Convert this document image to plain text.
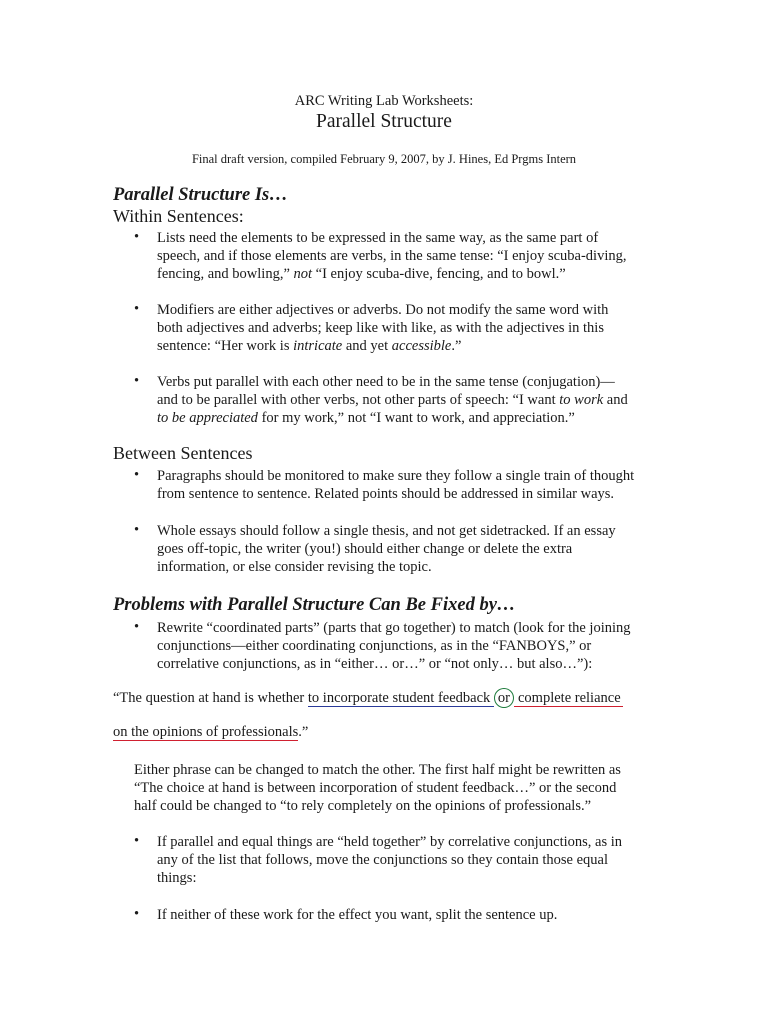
ARC Writing Lab Worksheets:
Parallel Structure
Final draft version, compiled February 9, 2007, by J. Hines, Ed Prgms Intern
Parallel Structure Is…
Within Sentences:
• Lists need the elements to be expressed in the same way, as the same part of
speech, and if those elements are verbs, in the same tense: “I enjoy scuba-diving,
fencing, and bowling,” not “I enjoy scuba-dive, fencing, and to bowl.”
• Modifiers are either adjectives or adverbs. Do not modify the same word with
both adjectives and adverbs; keep like with like, as with the adjectives in this
sentence: “Her work is intricate and yet accessible.”
• Verbs put parallel with each other need to be in the same tense (conjugation)—
and to be parallel with other verbs, not other parts of speech: “I want to work and
to be appreciated for my work,” not “I want to work, and appreciation.”
Between Sentences
• Paragraphs should be monitored to make sure they follow a single train of thought
from sentence to sentence. Related points should be addressed in similar ways.
• Whole essays should follow a single thesis, and not get sidetracked. If an essay
goes off-topic, the writer (you!) should either change or delete the extra
information, or else consider revising the topic.
Problems with Parallel Structure Can Be Fixed by…
• Rewrite “coordinated parts” (parts that go together) to match (look for the joining
conjunctions—either coordinating conjunctions, as in the “FANBOYS,” or
correlative conjunctions, as in “either… or…” or “not only… but also…”):
“The question at hand is whether to incorporate student feedback or complete reliance
on the opinions of professionals.”
Either phrase can be changed to match the other. The first half might be rewritten as
“The choice at hand is between incorporation of student feedback…” or the second
half could be changed to “to rely completely on the opinions of professionals.”
• If parallel and equal things are “held together” by correlative conjunctions, as in
any of the list that follows, move the conjunctions so they contain those equal
things:
• If neither of these work for the effect you want, split the sentence up.
